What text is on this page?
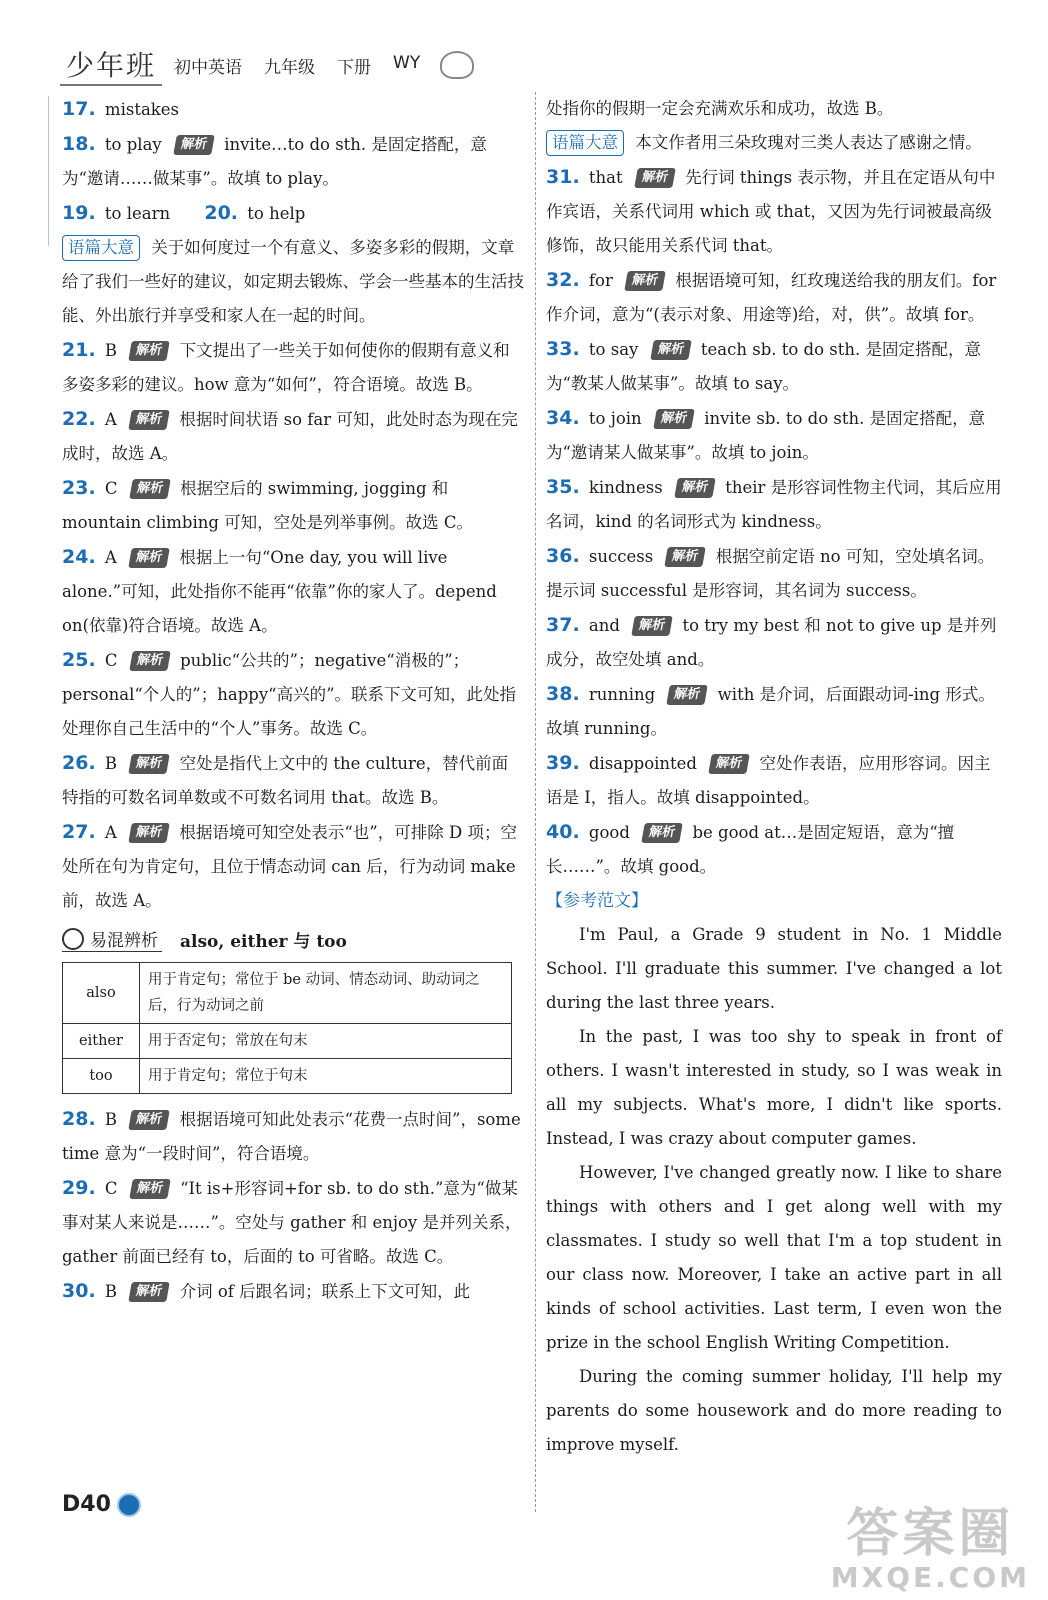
少年班	初中英语 九年级 下册 WY

17. mistakes

18. to play 解析 invite…to do sth. 是固定搭配，意为“邀请……做某事”。故填 to play。

19. to learn 20. to help

语篇大意 关于如何度过一个有意义、多姿多彩的假期，文章给了我们一些好的建议，如定期去锻炼、学会一些基本的生活技能、外出旅行并享受和家人在一起的时间。

21. B 解析 下文提出了一些关于如何使你的假期有意义和多姿多彩的建议。how 意为“如何”，符合语境。故选 B。

22. A 解析 根据时间状语 so far 可知，此处时态为现在完成时，故选 A。

23. C 解析 根据空后的 swimming, jogging 和 mountain climbing 可知，空处是列举事例。故选 C。

24. A 解析 根据上一句“One day, you will live alone.”可知，此处指你不能再“依靠”你的家人了。depend on(依靠)符合语境。故选 A。

25. C 解析 public“公共的”；negative“消极的”；personal“个人的”；happy“高兴的”。联系下文可知，此处指处理你自己生活中的“个人”事务。故选 C。

26. B 解析 空处是指代上文中的 the culture，替代前面特指的可数名词单数或不可数名词用 that。故选 B。

27. A 解析 根据语境可知空处表示“也”，可排除 D 项；空处所在句为肯定句，且位于情态动词 can 后，行为动词 make 前，故选 A。

易混辨析 also, either 与 too
also	用于肯定句；常位于 be 动词、情态动词、助动词之后，行为动词之前
either	用于否定句；常放在句末
too	用于肯定句；常位于句末

28. B 解析 根据语境可知此处表示“花费一点时间”，some time 意为“一段时间”，符合语境。

29. C 解析 “It is+形容词+for sb. to do sth.”意为“做某事对某人来说是……”。空处与 gather 和 enjoy 是并列关系，gather 前面已经有 to，后面的 to 可省略。故选 C。

30. B 解析 介词 of 后跟名词；联系上下文可知，此

处指你的假期一定会充满欢乐和成功，故选 B。

语篇大意 本文作者用三朵玫瑰对三类人表达了感谢之情。

31. that 解析 先行词 things 表示物，并且在定语从句中作宾语，关系代词用 which 或 that，又因为先行词被最高级修饰，故只能用关系代词 that。

32. for 解析 根据语境可知，红玫瑰送给我的朋友们。for 作介词，意为“(表示对象、用途等)给，对，供”。故填 for。

33. to say 解析 teach sb. to do sth. 是固定搭配，意为“教某人做某事”。故填 to say。

34. to join 解析 invite sb. to do sth. 是固定搭配，意为“邀请某人做某事”。故填 to join。

35. kindness 解析 their 是形容词性物主代词，其后应用名词，kind 的名词形式为 kindness。

36. success 解析 根据空前定语 no 可知，空处填名词。提示词 successful 是形容词，其名词为 success。

37. and 解析 to try my best 和 not to give up 是并列成分，故空处填 and。

38. running 解析 with 是介词，后面跟动词-ing 形式。故填 running。

39. disappointed 解析 空处作表语，应用形容词。因主语是 I，指人。故填 disappointed。

40. good 解析 be good at…是固定短语，意为“擅长……”。故填 good。

【参考范文】

I'm Paul, a Grade 9 student in No. 1 Middle School. I'll graduate this summer. I've changed a lot during the last three years.

In the past, I was too shy to speak in front of others. I wasn't interested in study, so I was weak in all my subjects. What's more, I didn't like sports. Instead, I was crazy about computer games.

However, I've changed greatly now. I like to share things with others and I get along well with my classmates. I study so well that I'm a top student in our class now. Moreover, I take an active part in all kinds of school activities. Last term, I even won the prize in the school English Writing Competition.

During the coming summer holiday, I'll help my parents do some housework and do more reading to improve myself.

D40	答案圈
MXQE.COM
